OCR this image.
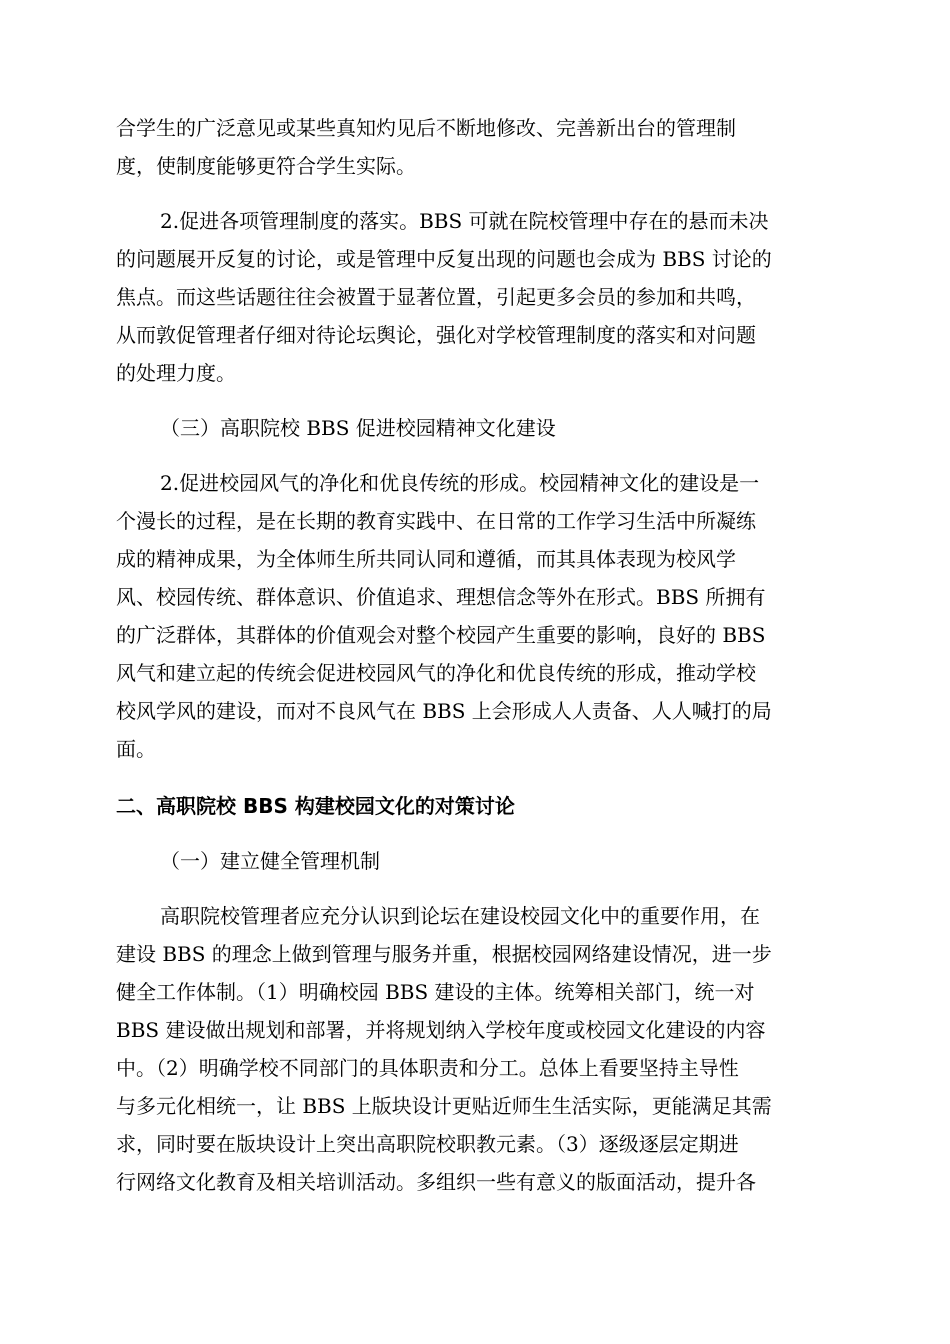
合学生的广泛意见或某些真知灼见后不断地修改、完善新出台的管理制
度，使制度能够更符合学生实际。
2.促进各项管理制度的落实。BBS 可就在院校管理中存在的悬而未决
的问题展开反复的讨论，或是管理中反复出现的问题也会成为 BBS 讨论的
焦点。而这些话题往往会被置于显著位置，引起更多会员的参加和共鸣，
从而敦促管理者仔细对待论坛舆论，强化对学校管理制度的落实和对问题
的处理力度。
（三）高职院校 BBS 促进校园精神文化建设
2.促进校园风气的净化和优良传统的形成。校园精神文化的建设是一
个漫长的过程，是在长期的教育实践中、在日常的工作学习生活中所凝练
成的精神成果，为全体师生所共同认同和遵循，而其具体表现为校风学
风、校园传统、群体意识、价值追求、理想信念等外在形式。BBS 所拥有
的广泛群体，其群体的价值观会对整个校园产生重要的影响，良好的 BBS
风气和建立起的传统会促进校园风气的净化和优良传统的形成，推动学校
校风学风的建设，而对不良风气在 BBS 上会形成人人责备、人人喊打的局
面。
二、高职院校 BBS 构建校园文化的对策讨论
（一）建立健全管理机制
高职院校管理者应充分认识到论坛在建设校园文化中的重要作用，在
建设 BBS 的理念上做到管理与服务并重，根据校园网络建设情况，进一步
健全工作体制。（1）明确校园 BBS 建设的主体。统筹相关部门，统一对
BBS 建设做出规划和部署，并将规划纳入学校年度或校园文化建设的内容
中。（2）明确学校不同部门的具体职责和分工。总体上看要坚持主导性
与多元化相统一，让 BBS 上版块设计更贴近师生生活实际，更能满足其需
求，同时要在版块设计上突出高职院校职教元素。（3）逐级逐层定期进
行网络文化教育及相关培训活动。多组织一些有意义的版面活动，提升各
